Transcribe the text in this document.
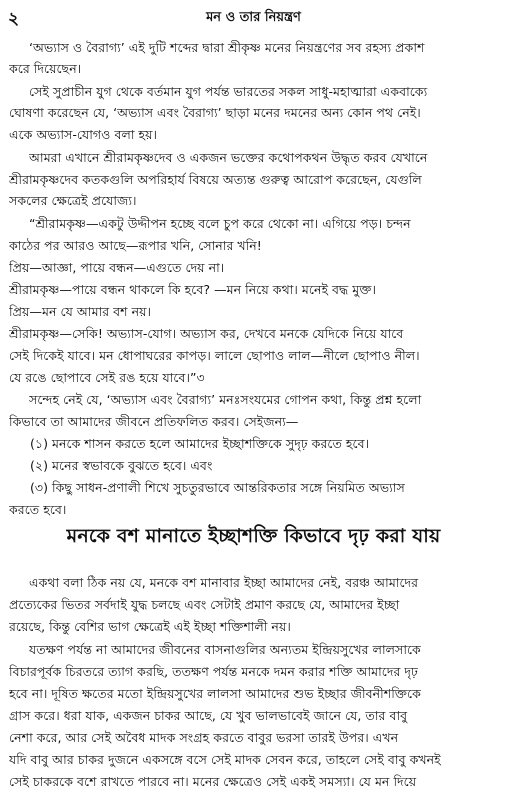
২	মন ও তার নিয়ন্ত্রণ
‘অভ্যাস ও বৈরাগ্য’ এই দুটি শব্দের দ্বারা শ্রীকৃষ্ণ মনের নিয়ন্ত্রণের সব রহস্য প্রকাশ
করে দিয়েছেন।
সেই সুপ্রাচীন যুগ থেকে বর্তমান যুগ পর্যন্ত ভারতের সকল সাধু-মহাত্মারা একবাক্যে
ঘোষণা করেছেন যে, ‘অভ্যাস এবং বৈরাগ্য’ ছাড়া মনের দমনের অন্য কোন পথ নেই।
একে অভ্যাস-যোগও বলা হয়।
আমরা এখানে শ্রীরামকৃষ্ণদেব ও একজন ভক্তের কথোপকথন উদ্ধৃত করব যেখানে
শ্রীরামকৃষ্ণদেব কতকগুলি অপরিহার্য বিষয়ে অত্যন্ত গুরুত্ব আরোপ করেছেন, যেগুলি
সকলের ক্ষেত্রেই প্রযোজ্য।
“শ্রীরামকৃষ্ণ—একটু উদ্দীপন হচ্ছে বলে চুপ করে থেকো না। এগিয়ে পড়। চন্দন
কাঠের পর আরও আছে—রূপার খনি, সোনার খনি!
প্রিয়—আজ্ঞা, পায়ে বন্ধন—এগুতে দেয় না।
শ্রীরামকৃষ্ণ—পায়ে বন্ধন থাকলে কি হবে? —মন নিয়ে কথা। মনেই বদ্ধ মুক্ত।
প্রিয়—মন যে আমার বশ নয়।
শ্রীরামকৃষ্ণ—সেকি! অভ্যাস-যোগ। অভ্যাস কর, দেখবে মনকে যেদিকে নিয়ে যাবে
সেই দিকেই যাবে। মন ধোপাঘরের কাপড়। লালে ছোপাও লাল—নীলে ছোপাও নীল।
যে রঙে ছোপাবে সেই রঙ হয়ে যাবে।”৩
সন্দেহ নেই যে, ‘অভ্যাস এবং বৈরাগ্য’ মনঃসংযমের গোপন কথা, কিন্তু প্রশ্ন হলো
কিভাবে তা আমাদের জীবনে প্রতিফলিত করব। সেইজন্য—
(১) মনকে শাসন করতে হলে আমাদের ইচ্ছাশক্তিকে সুদৃঢ় করতে হবে।
(২) মনের স্বভাবকে বুঝতে হবে। এবং
(৩) কিছু সাধন-প্রণালী শিখে সুচতুরভাবে আন্তরিকতার সঙ্গে নিয়মিত অভ্যাস
করতে হবে।
মনকে বশ মানাতে ইচ্ছাশক্তি কিভাবে দৃঢ় করা যায়
একথা বলা ঠিক নয় যে, মনকে বশ মানাবার ইচ্ছা আমাদের নেই, বরঞ্চ আমাদের
প্রত্যেকের ভিতর সর্বদাই যুদ্ধ চলছে এবং সেটাই প্রমাণ করছে যে, আমাদের ইচ্ছা
রয়েছে, কিন্তু বেশির ভাগ ক্ষেত্রেই এই ইচ্ছা শক্তিশালী নয়।
যতক্ষণ পর্যন্ত না আমাদের জীবনের বাসনাগুলির অন্যতম ইন্দ্রিয়সুখের লালসাকে
বিচারপূর্বক চিরতরে ত্যাগ করছি, ততক্ষণ পর্যন্ত মনকে দমন করার শক্তি আমাদের দৃঢ়
হবে না। দূষিত ক্ষতের মতো ইন্দ্রিয়সুখের লালসা আমাদের শুভ ইচ্ছার জীবনীশক্তিকে
গ্রাস করে। ধরা যাক, একজন চাকর আছে, যে খুব ভালভাবেই জানে যে, তার বাবু
নেশা করে, আর সেই অবৈধ মাদক সংগ্রহ করতে বাবুর ভরসা তারই উপর। এখন
যদি বাবু আর চাকর দুজনে একসঙ্গে বসে সেই মাদক সেবন করে, তাহলে সেই বাবু কখনই
সেই চাকরকে বশে রাখতে পারবে না। মনের ক্ষেত্রেও সেই একই সমস্যা। যে মন দিয়ে
